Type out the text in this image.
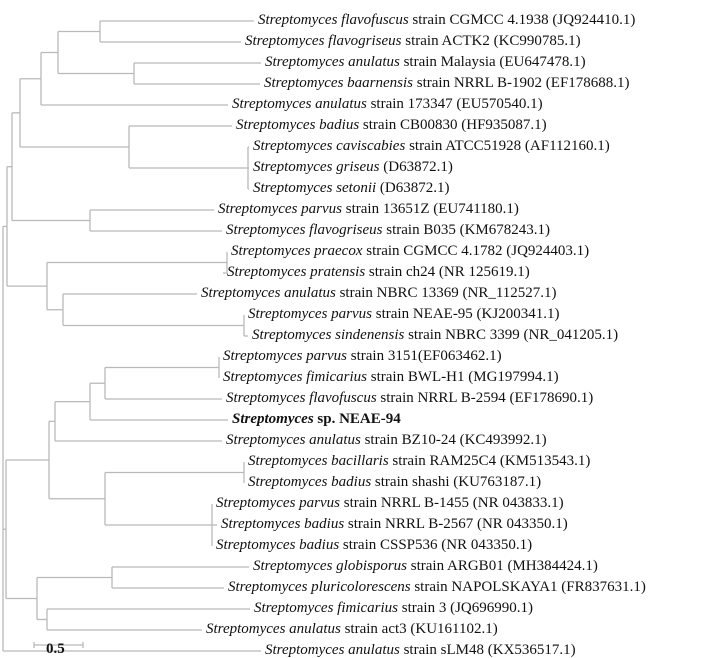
Streptomyces flavofuscus strain CGMCC 4.1938 (JQ924410.1)
Streptomyces flavogriseus strain ACTK2 (KC990785.1)
Streptomyces anulatus strain Malaysia (EU647478.1)
Streptomyces baarnensis strain NRRL B-1902 (EF178688.1)
Streptomyces anulatus strain 173347 (EU570540.1)
Streptomyces badius strain CB00830 (HF935087.1)
Streptomyces caviscabies strain ATCC51928 (AF112160.1)
Streptomyces griseus (D63872.1)
Streptomyces setonii (D63872.1)
Streptomyces parvus strain 13651Z (EU741180.1)
Streptomyces flavogriseus strain B035 (KM678243.1)
Streptomyces praecox strain CGMCC 4.1782 (JQ924403.1)
Streptomyces pratensis strain ch24 (NR 125619.1)
Streptomyces anulatus strain NBRC 13369 (NR_112527.1)
Streptomyces parvus strain NEAE-95 (KJ200341.1)
Streptomyces sindenensis strain NBRC 3399 (NR_041205.1)
Streptomyces parvus strain 3151(EF063462.1)
Streptomyces fimicarius strain BWL-H1 (MG197994.1)
Streptomyces flavofuscus strain NRRL B-2594 (EF178690.1)
Streptomyces sp. NEAE-94
Streptomyces anulatus strain BZ10-24 (KC493992.1)
Streptomyces bacillaris strain RAM25C4 (KM513543.1)
Streptomyces badius strain shashi (KU763187.1)
Streptomyces parvus strain NRRL B-1455 (NR 043833.1)
Streptomyces badius strain NRRL B-2567 (NR 043350.1)
Streptomyces badius strain CSSP536 (NR 043350.1)
Streptomyces globisporus strain ARGB01 (MH384424.1)
Streptomyces pluricolorescens strain NAPOLSKAYA1 (FR837631.1)
Streptomyces fimicarius strain 3 (JQ696990.1)
Streptomyces anulatus strain act3 (KU161102.1)
Streptomyces anulatus strain sLM48 (KX536517.1)
0.5
